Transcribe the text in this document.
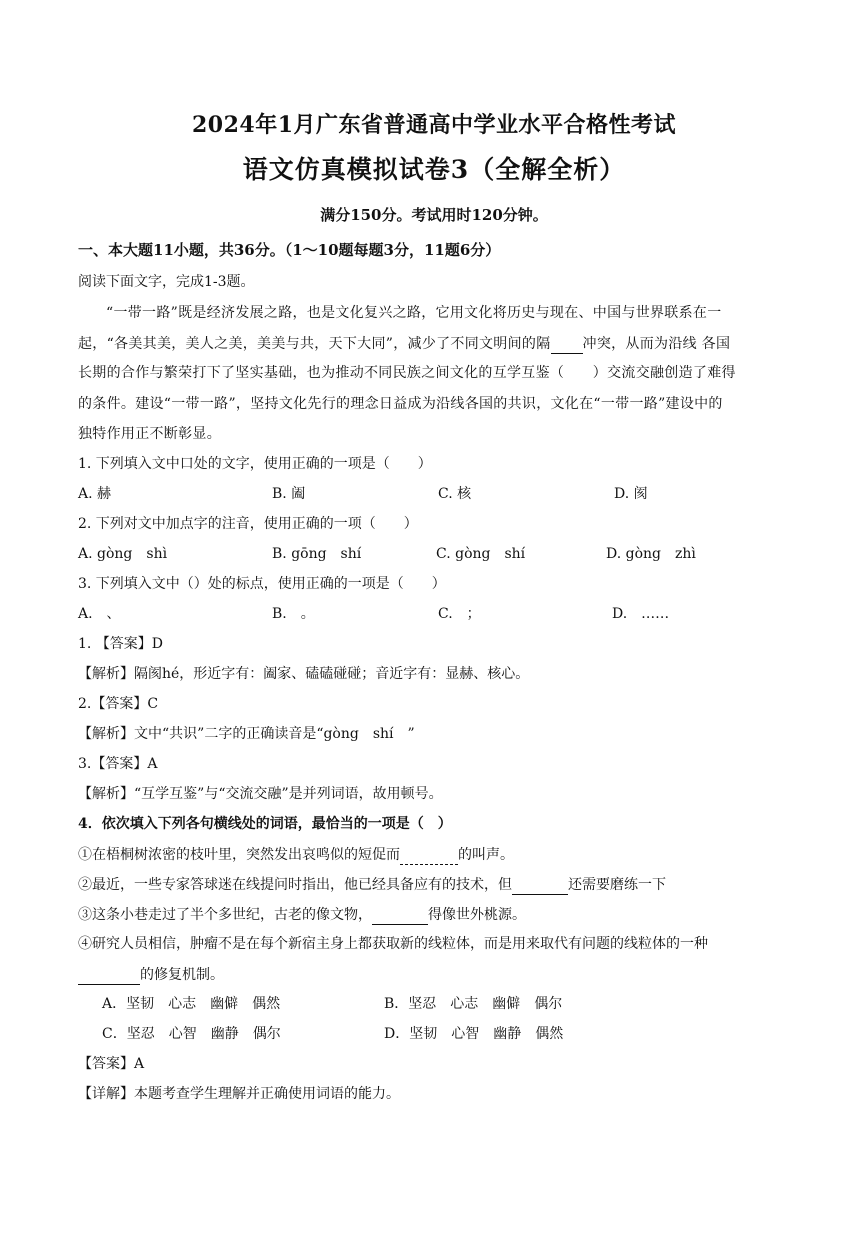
2024年1月广东省普通高中学业水平合格性考试
语文仿真模拟试卷3（全解全析）
满分150分。考试用时120分钟。
一、本大题11小题，共36分。（1～10题每题3分，11题6分）
阅读下面文字，完成1-3题。
“一带一路”既是经济发展之路，也是文化复兴之路，它用文化将历史与现在、中国与世界联系在一
起，“各美其美，美人之美，美美与共，天下大同”，减少了不同文明间的隔 冲突，从而为沿线 各国
长期的合作与繁荣打下了坚实基础，也为推动不同民族之间文化的互学互鉴（　　）交流交融创造了难得
的条件。建设“一带一路”，坚持文化先行的理念日益成为沿线各国的共识，文化在“一带一路”建设中的
独特作用正不断彰显。
1. 下列填入文中口处的文字，使用正确的一项是（　　）
A. 赫	B. 阖	C. 核	D. 阂
2. 下列对文中加点字的注音，使用正确的一项（　　）
A. gòng　shì	B. gōng　shí	C. gòng　shí	D. gòng　zhì
3. 下列填入文中（）处的标点，使用正确的一项是（　　）
A.　、	B.　。	C.　；	D.　……
1. 【答案】D
【解析】隔阂hé，形近字有：阖家、磕磕碰碰；音近字有：显赫、核心。
2.【答案】C
【解析】文中“共识”二字的正确读音是“gòng　shí　”
3.【答案】A
【解析】“互学互鉴”与“交流交融”是并列词语，故用顿号。
4．依次填入下列各句横线处的词语，最恰当的一项是（　）
①在梧桐树浓密的枝叶里，突然发出哀鸣似的短促而	的叫声。
②最近，一些专家答球迷在线提问时指出，他已经具备应有的技术，但	还需要磨练一下
③这条小巷走过了半个多世纪，古老的像文物，	得像世外桃源。
④研究人员相信，肿瘤不是在每个新宿主身上都获取新的线粒体，而是用来取代有问题的线粒体的一种
的修复机制。
A．坚韧　心志　幽僻　偶然	B．坚忍　心志　幽僻　偶尔
C．坚忍　心智　幽静　偶尔	D．坚韧　心智　幽静　偶然
【答案】A
【详解】本题考查学生理解并正确使用词语的能力。
